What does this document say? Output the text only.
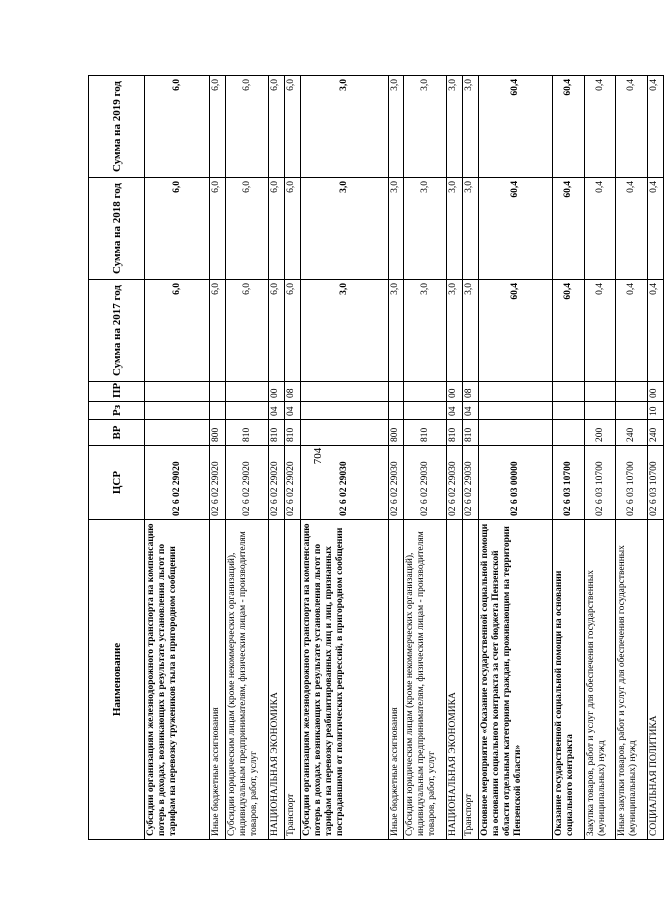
704
Наименование	ЦСР	ВР	Рз	ПР	Сумма на 2017 год	Сумма на 2018 год	Сумма на 2019 год
Субсидии организациям железнодорожного транспорта на компенсацию потерь в доходах, возникающих в результате установления льгот по тарифам на перевозку тружеников тыла в пригородном сообщении	02 6 02 29020				6,0	6,0	6,0
Иные бюджетные ассигнования	02 6 02 29020	800			6,0	6,0	6,0
Субсидии юридическим лицам (кроме некоммерческих организаций), индивидуальным предпринимателям, физическим лицам - производителям товаров, работ, услуг	02 6 02 29020	810			6,0	6,0	6,0
НАЦИОНАЛЬНАЯ ЭКОНОМИКА	02 6 02 29020	810	04	00	6,0	6,0	6,0
Транспорт	02 6 02 29020	810	04	08	6,0	6,0	6,0
Субсидии организациям железнодорожного транспорта на компенсацию потерь в доходах, возникающих в результате установления льгот по тарифам на перевозку реабилитированных лиц и лиц, признанных пострадавшими от политических репрессий, в пригородном сообщении	02 6 02 29030				3,0	3,0	3,0
Иные бюджетные ассигнования	02 6 02 29030	800			3,0	3,0	3,0
Субсидии юридическим лицам (кроме некоммерческих организаций), индивидуальным предпринимателям, физическим лицам - производителям товаров, работ, услуг	02 6 02 29030	810			3,0	3,0	3,0
НАЦИОНАЛЬНАЯ ЭКОНОМИКА	02 6 02 29030	810	04	00	3,0	3,0	3,0
Транспорт	02 6 02 29030	810	04	08	3,0	3,0	3,0
Основное мероприятие «Оказание государственной социальной помощи на основании социального контракта за счет бюджета Пензенской области отдельным категориям граждан, проживающим на территории Пензенской области»	02 6 03 00000				60,4	60,4	60,4
Оказание государственной социальной помощи на основании социального контракта	02 6 03 10700				60,4	60,4	60,4
Закупка товаров, работ и услуг для обеспечения государственных (муниципальных) нужд	02 6 03 10700	200			0,4	0,4	0,4
Иные закупки товаров, работ и услуг для обеспечения государственных (муниципальных) нужд	02 6 03 10700	240			0,4	0,4	0,4
СОЦИАЛЬНАЯ ПОЛИТИКА	02 6 03 10700	240	10	00	0,4	0,4	0,4
